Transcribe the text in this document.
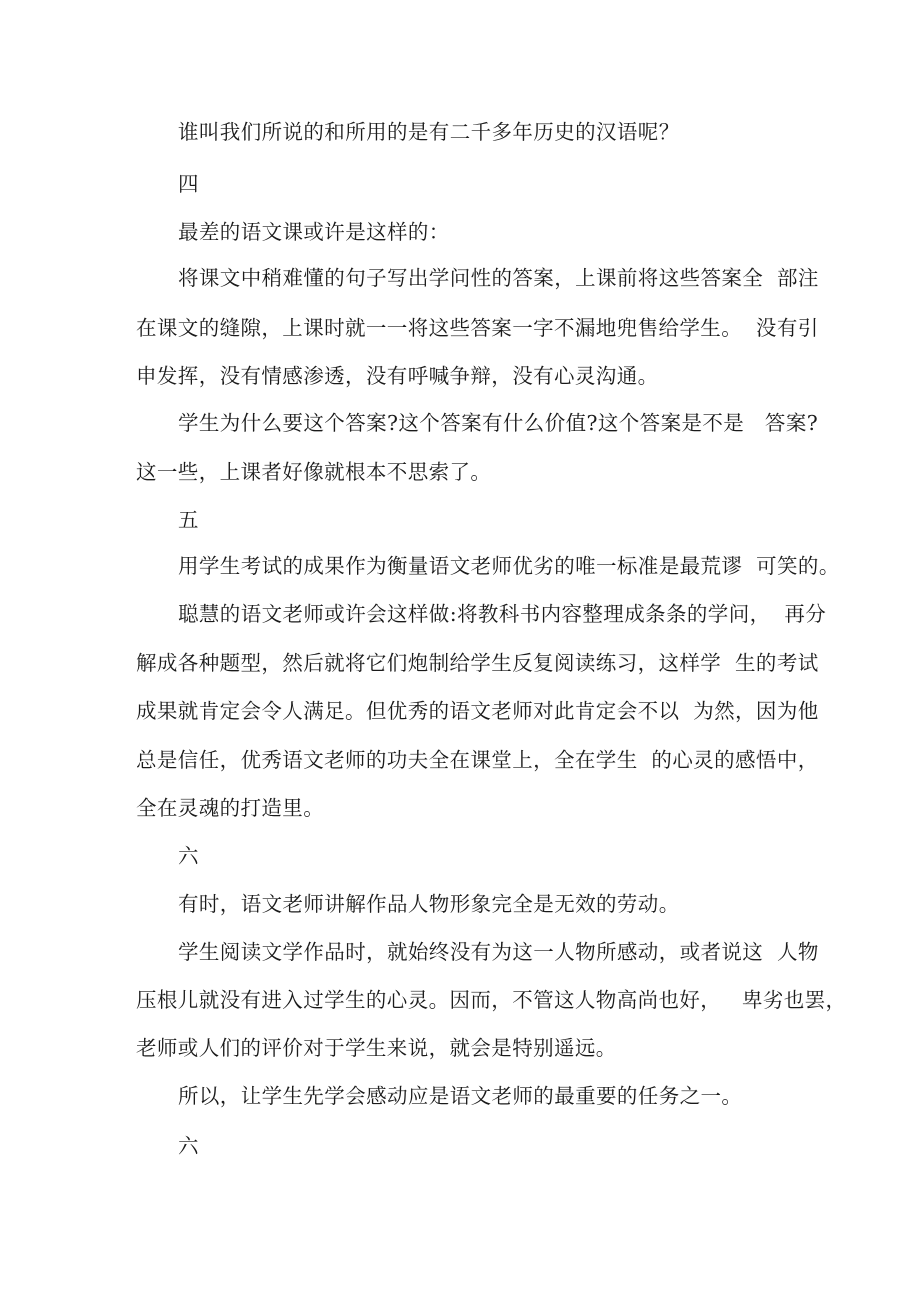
谁叫我们所说的和所用的是有二千多年历史的汉语呢？
四
最差的语文课或许是这样的：
将课文中稍难懂的句子写出学问性的答案，上课前将这些答案全  部注
在课文的缝隙，上课时就一一将这些答案一字不漏地兜售给学生。  没有引
申发挥，没有情感渗透，没有呼喊争辩，没有心灵沟通。
学生为什么要这个答案?这个答案有什么价值?这个答案是不是   答案?
这一些，上课者好像就根本不思索了。
五
用学生考试的成果作为衡量语文老师优劣的唯一标准是最荒谬  可笑的。
聪慧的语文老师或许会这样做:将教科书内容整理成条条的学问，  再分
解成各种题型，然后就将它们炮制给学生反复阅读练习，这样学  生的考试
成果就肯定会令人满足。但优秀的语文老师对此肯定会不以  为然，因为他
总是信任，优秀语文老师的功夫全在课堂上，全在学生  的心灵的感悟中，
全在灵魂的打造里。
六
有时，语文老师讲解作品人物形象完全是无效的劳动。
学生阅读文学作品时，就始终没有为这一人物所感动，或者说这  人物
压根儿就没有进入过学生的心灵。因而，不管这人物高尚也好，   卑劣也罢，
老师或人们的评价对于学生来说，就会是特别遥远。
所以，让学生先学会感动应是语文老师的最重要的任务之一。
六
